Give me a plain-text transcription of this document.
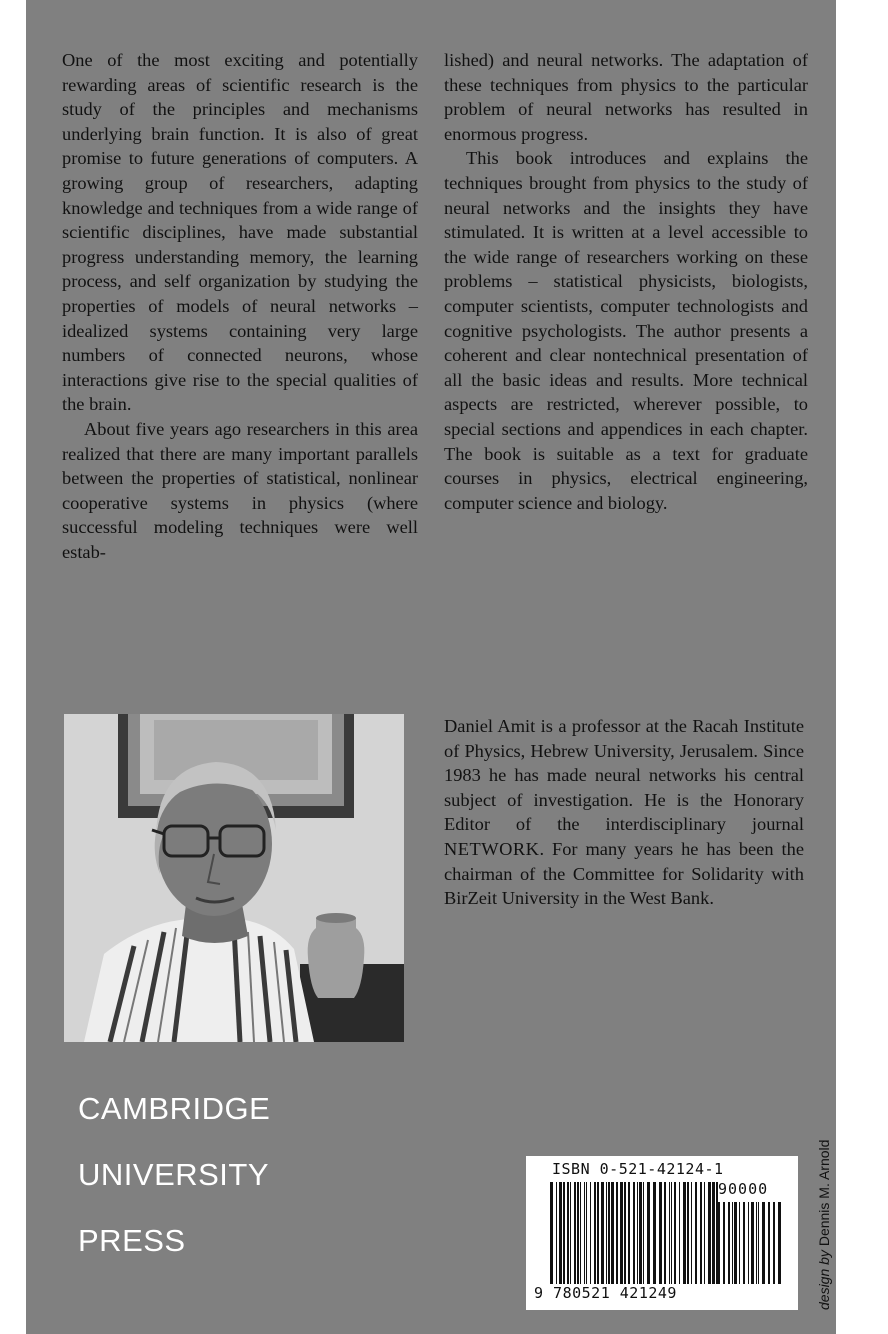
One of the most exciting and potentially rewarding areas of scientific research is the study of the principles and mechanisms underlying brain function. It is also of great promise to future generations of computers. A growing group of researchers, adapting knowledge and techniques from a wide range of scientific disciplines, have made substantial progress understanding memory, the learning process, and self organization by studying the properties of models of neural networks – idealized systems containing very large numbers of connected neurons, whose interactions give rise to the special qualities of the brain.

About five years ago researchers in this area realized that there are many important parallels between the properties of statistical, nonlinear cooperative systems in physics (where successful modeling techniques were well estab-

lished) and neural networks. The adaptation of these techniques from physics to the particular problem of neural networks has resulted in enormous progress.

This book introduces and explains the techniques brought from physics to the study of neural networks and the insights they have stimulated. It is written at a level accessible to the wide range of researchers working on these problems – statistical physicists, biologists, computer scientists, computer technologists and cognitive psychologists. The author presents a coherent and clear nontechnical presentation of all the basic ideas and results. More technical aspects are restricted, wherever possible, to special sections and appendices in each chapter. The book is suitable as a text for graduate courses in physics, electrical engineering, computer science and biology.

Daniel Amit is a professor at the Racah Institute of Physics, Hebrew University, Jerusalem. Since 1983 he has made neural networks his central subject of investigation. He is the Honorary Editor of the interdisciplinary journal NETWORK. For many years he has been the chairman of the Committee for Solidarity with BirZeit University in the West Bank.

CAMBRIDGE
UNIVERSITY
PRESS
ISBN 0-521-42124-1
90000
9 780521 421249	design by Dennis M. Arnold
